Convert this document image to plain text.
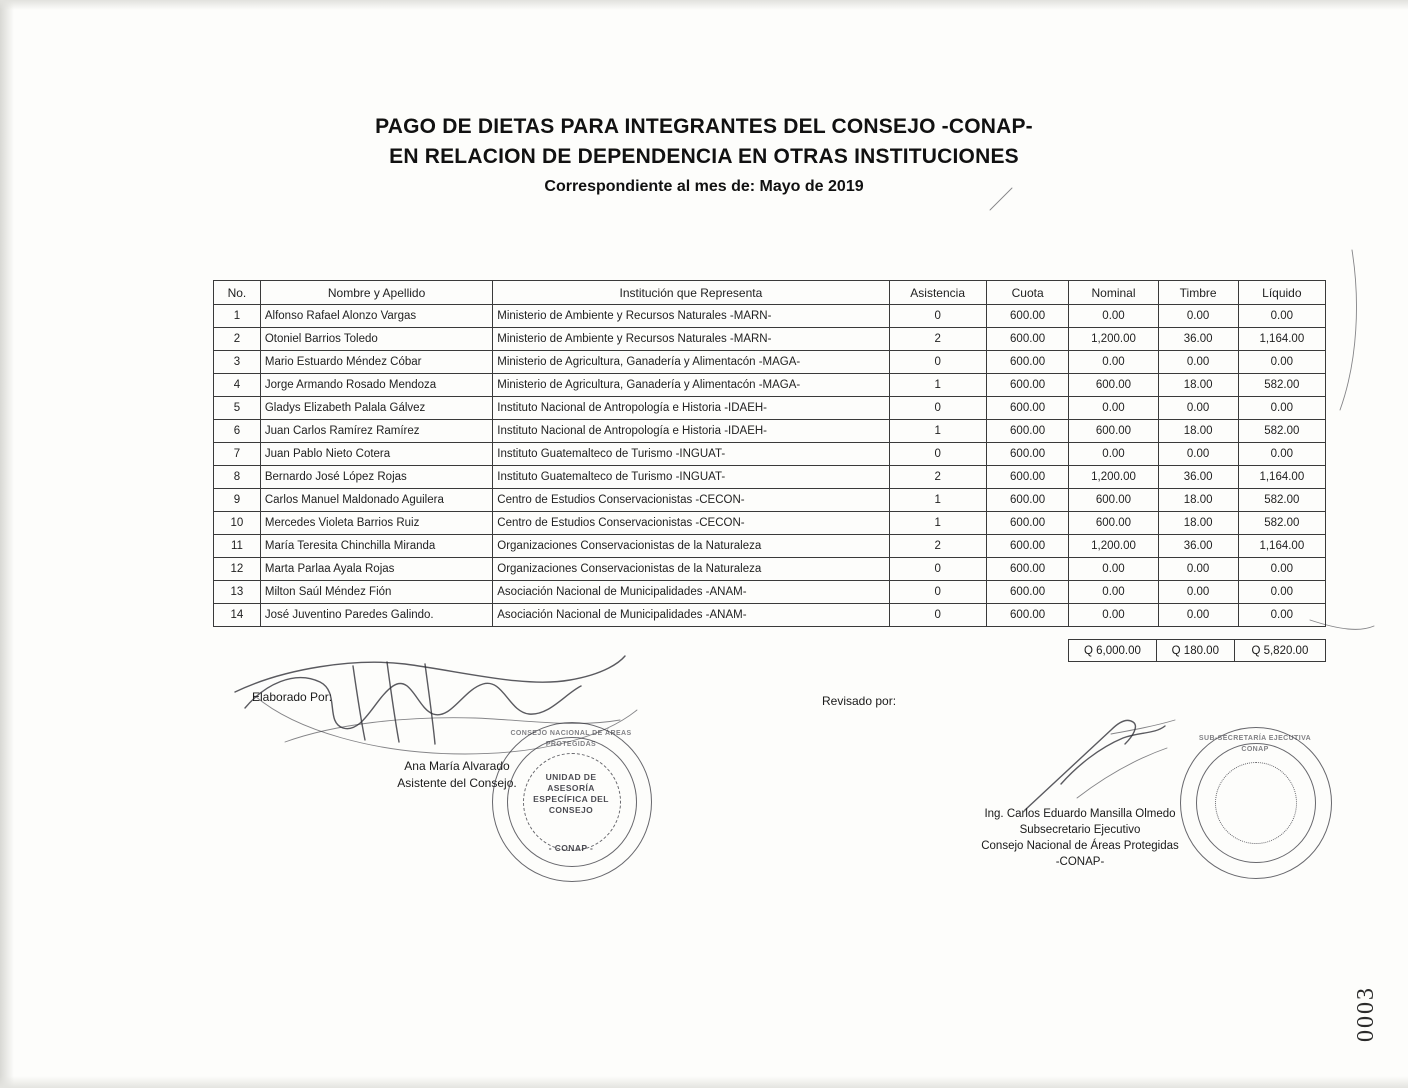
PAGO DE DIETAS PARA INTEGRANTES DEL CONSEJO -CONAP-
EN RELACION DE DEPENDENCIA EN OTRAS INSTITUCIONES
Correspondiente al mes de: Mayo de 2019
No.	Nombre y Apellido	Institución que Representa	Asistencia	Cuota	Nominal	Timbre	Líquido
1	Alfonso Rafael Alonzo Vargas	Ministerio de Ambiente y Recursos Naturales -MARN-	0	600.00	0.00	0.00	0.00
2	Otoniel Barrios Toledo	Ministerio de Ambiente y Recursos Naturales -MARN-	2	600.00	1,200.00	36.00	1,164.00
3	Mario Estuardo Méndez Cóbar	Ministerio de Agricultura, Ganadería y Alimentacón -MAGA-	0	600.00	0.00	0.00	0.00
4	Jorge Armando Rosado Mendoza	Ministerio de Agricultura, Ganadería y Alimentacón -MAGA-	1	600.00	600.00	18.00	582.00
5	Gladys Elizabeth Palala Gálvez	Instituto Nacional de Antropología e Historia -IDAEH-	0	600.00	0.00	0.00	0.00
6	Juan Carlos Ramírez Ramírez	Instituto Nacional de Antropología e Historia -IDAEH-	1	600.00	600.00	18.00	582.00
7	Juan Pablo Nieto Cotera	Instituto Guatemalteco de Turismo -INGUAT-	0	600.00	0.00	0.00	0.00
8	Bernardo José López Rojas	Instituto Guatemalteco de Turismo -INGUAT-	2	600.00	1,200.00	36.00	1,164.00
9	Carlos Manuel Maldonado Aguilera	Centro de Estudios Conservacionistas -CECON-	1	600.00	600.00	18.00	582.00
10	Mercedes Violeta Barrios Ruiz	Centro de Estudios Conservacionistas -CECON-	1	600.00	600.00	18.00	582.00
11	María Teresita Chinchilla Miranda	Organizaciones Conservacionistas de la Naturaleza	2	600.00	1,200.00	36.00	1,164.00
12	Marta Parlaa Ayala Rojas	Organizaciones Conservacionistas de la Naturaleza	0	600.00	0.00	0.00	0.00
13	Milton Saúl Méndez Fión	Asociación Nacional de Municipalidades -ANAM-	0	600.00	0.00	0.00	0.00
14	José Juventino Paredes Galindo.	Asociación Nacional de Municipalidades -ANAM-	0	600.00	0.00	0.00	0.00
Q 6,000.00	Q 180.00	Q 5,820.00
Elaborado Por:
Ana María Alvarado
Asistente del Consejo.
Revisado por:
Ing. Carlos Eduardo Mansilla Olmedo
Subsecretario Ejecutivo
Consejo Nacional de Áreas Protegidas
-CONAP-
UNIDAD DE ASESORÍA ESPECÍFICA DEL CONSEJO
- CONAP -
CONSEJO NACIONAL DE ÁREAS PROTEGIDAS
SUB-SECRETARÍA EJECUTIVA CONAP
0003
